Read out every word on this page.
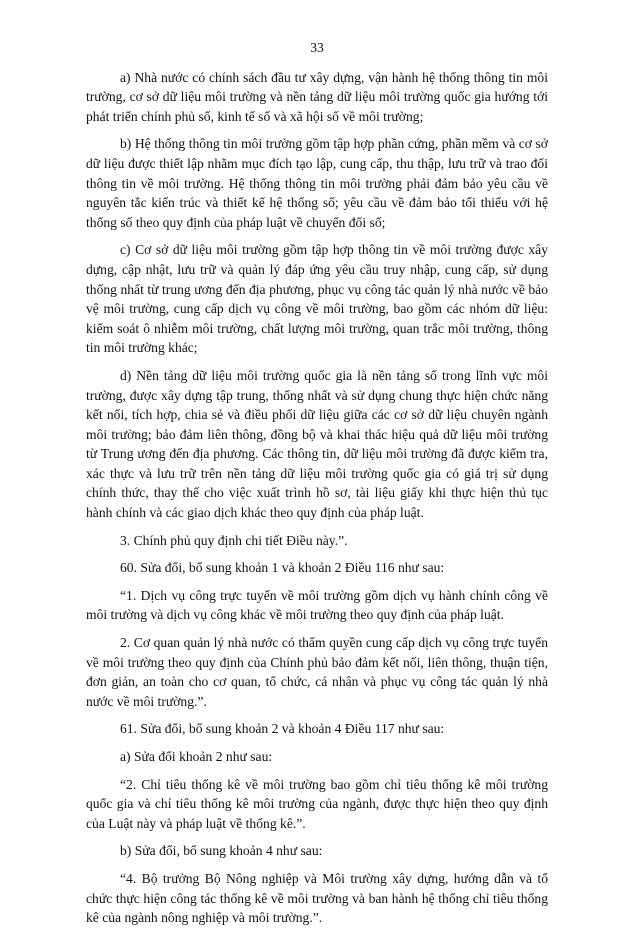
33

a) Nhà nước có chính sách đầu tư xây dựng, vận hành hệ thống thông tin môi trường, cơ sở dữ liệu môi trường và nền tảng dữ liệu môi trường quốc gia hướng tới phát triển chính phủ số, kinh tế số và xã hội số về môi trường;

b) Hệ thống thông tin môi trường gồm tập hợp phần cứng, phần mềm và cơ sở dữ liệu được thiết lập nhằm mục đích tạo lập, cung cấp, thu thập, lưu trữ và trao đổi thông tin về môi trường. Hệ thống thông tin môi trường phải đảm bảo yêu cầu về nguyên tắc kiến trúc và thiết kế hệ thống số; yêu cầu về đảm bảo tối thiểu với hệ thống số theo quy định của pháp luật về chuyển đổi số;

c) Cơ sở dữ liệu môi trường gồm tập hợp thông tin về môi trường được xây dựng, cập nhật, lưu trữ và quản lý đáp ứng yêu cầu truy nhập, cung cấp, sử dụng thống nhất từ trung ương đến địa phương, phục vụ công tác quản lý nhà nước về bảo vệ môi trường, cung cấp dịch vụ công về môi trường, bao gồm các nhóm dữ liệu: kiểm soát ô nhiễm môi trường, chất lượng môi trường, quan trắc môi trường, thông tin môi trường khác;

d) Nền tảng dữ liệu môi trường quốc gia là nền tảng số trong lĩnh vực môi trường, được xây dựng tập trung, thống nhất và sử dụng chung thực hiện chức năng kết nối, tích hợp, chia sẻ và điều phối dữ liệu giữa các cơ sở dữ liệu chuyên ngành môi trường; bảo đảm liên thông, đồng bộ và khai thác hiệu quả dữ liệu môi trường từ Trung ương đến địa phương. Các thông tin, dữ liệu môi trường đã được kiểm tra, xác thực và lưu trữ trên nền tảng dữ liệu môi trường quốc gia có giá trị sử dụng chính thức, thay thế cho việc xuất trình hồ sơ, tài liệu giấy khi thực hiện thủ tục hành chính và các giao dịch khác theo quy định của pháp luật.

3. Chính phủ quy định chi tiết Điều này.”.

60. Sửa đổi, bổ sung khoản 1 và khoản 2 Điều 116 như sau:

“1. Dịch vụ công trực tuyến về môi trường gồm dịch vụ hành chính công về môi trường và dịch vụ công khác về môi trường theo quy định của pháp luật.

2. Cơ quan quản lý nhà nước có thẩm quyền cung cấp dịch vụ công trực tuyến về môi trường theo quy định của Chính phủ bảo đảm kết nối, liên thông, thuận tiện, đơn giản, an toàn cho cơ quan, tổ chức, cá nhân và phục vụ công tác quản lý nhà nước về môi trường.”.

61. Sửa đổi, bổ sung khoản 2 và khoản 4 Điều 117 như sau:

a) Sửa đổi khoản 2 như sau:

“2. Chỉ tiêu thống kê về môi trường bao gồm chỉ tiêu thống kê môi trường quốc gia và chỉ tiêu thống kê môi trường của ngành, được thực hiện theo quy định của Luật này và pháp luật về thống kê.”.

b) Sửa đổi, bổ sung khoản 4 như sau:

“4. Bộ trưởng Bộ Nông nghiệp và Môi trường xây dựng, hướng dẫn và tổ chức thực hiện công tác thống kê về môi trường và ban hành hệ thống chỉ tiêu thống kê của ngành nông nghiệp và môi trường.”.
